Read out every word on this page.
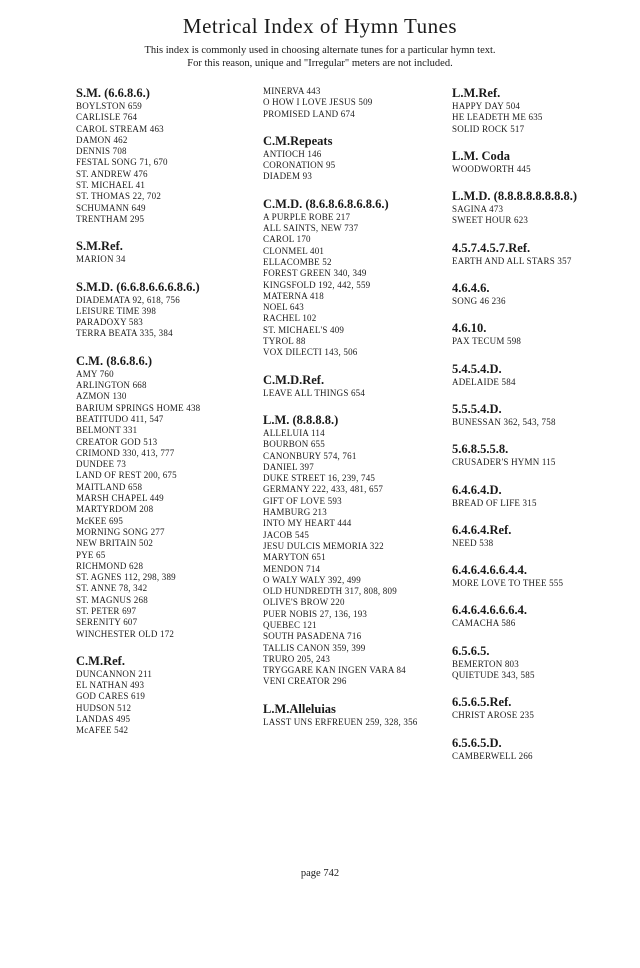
Metrical Index of Hymn Tunes
This index is commonly used in choosing alternate tunes for a particular hymn text.
For this reason, unique and "Irregular" meters are not included.
S.M. (6.6.8.6.)
BOYLSTON 659
CARLISLE 764
CAROL STREAM 463
DAMON 462
DENNIS 708
FESTAL SONG 71, 670
ST. ANDREW 476
ST. MICHAEL 41
ST. THOMAS 22, 702
SCHUMANN 649
TRENTHAM 295
S.M.Ref.
MARION 34
S.M.D. (6.6.8.6.6.6.8.6.)
DIADEMATA 92, 618, 756
LEISURE TIME 398
PARADOXY 583
TERRA BEATA 335, 384
C.M. (8.6.8.6.)
AMY 760
ARLINGTON 668
AZMON 130
BARIUM SPRINGS HOME 438
BEATITUDO 411, 547
BELMONT 331
CREATOR GOD 513
CRIMOND 330, 413, 777
DUNDEE 73
LAND OF REST 200, 675
MAITLAND 658
MARSH CHAPEL 449
MARTYRDOM 208
McKEE 695
MORNING SONG 277
NEW BRITAIN 502
PYE 65
RICHMOND 628
ST. AGNES 112, 298, 389
ST. ANNE 78, 342
ST. MAGNUS 268
ST. PETER 697
SERENITY 607
WINCHESTER OLD 172
C.M.Ref.
DUNCANNON 211
EL NATHAN 493
GOD CARES 619
HUDSON 512
LANDAS 495
McAFEE 542
MINERVA 443
O HOW I LOVE JESUS 509
PROMISED LAND 674
C.M.Repeats
ANTIOCH 146
CORONATION 95
DIADEM 93
C.M.D. (8.6.8.6.8.6.8.6.)
A PURPLE ROBE 217
ALL SAINTS, NEW 737
CAROL 170
CLONMEL 401
ELLACOMBE 52
FOREST GREEN 340, 349
KINGSFOLD 192, 442, 559
MATERNA 418
NOEL 643
RACHEL 102
ST. MICHAEL'S 409
TYROL 88
VOX DILECTI 143, 506
C.M.D.Ref.
LEAVE ALL THINGS 654
L.M. (8.8.8.8.)
ALLELUIA 114
BOURBON 655
CANONBURY 574, 761
DANIEL 397
DUKE STREET 16, 239, 745
GERMANY 222, 433, 481, 657
GIFT OF LOVE 593
HAMBURG 213
INTO MY HEART 444
JACOB 545
JESU DULCIS MEMORIA 322
MARYTON 651
MENDON 714
O WALY WALY 392, 499
OLD HUNDREDTH 317, 808, 809
OLIVE'S BROW 220
PUER NOBIS 27, 136, 193
QUEBEC 121
SOUTH PASADENA 716
TALLIS CANON 359, 399
TRURO 205, 243
TRYGGARE KAN INGEN VARA 84
VENI CREATOR 296
L.M.Alleluias
LASST UNS ERFREUEN 259, 328, 356
L.M.Ref.
HAPPY DAY 504
HE LEADETH ME 635
SOLID ROCK 517
L.M. Coda
WOODWORTH 445
L.M.D. (8.8.8.8.8.8.8.8.)
SAGINA 473
SWEET HOUR 623
4.5.7.4.5.7.Ref.
EARTH AND ALL STARS 357
4.6.4.6.
SONG 46 236
4.6.10.
PAX TECUM 598
5.4.5.4.D.
ADELAIDE 584
5.5.5.4.D.
BUNESSAN 362, 543, 758
5.6.8.5.5.8.
CRUSADER'S HYMN 115
6.4.6.4.D.
BREAD OF LIFE 315
6.4.6.4.Ref.
NEED 538
6.4.6.4.6.6.4.4.
MORE LOVE TO THEE 555
6.4.6.4.6.6.6.4.
CAMACHA 586
6.5.6.5.
BEMERTON 803
QUIETUDE 343, 585
6.5.6.5.Ref.
CHRIST AROSE 235
6.5.6.5.D.
CAMBERWELL 266
page 742
